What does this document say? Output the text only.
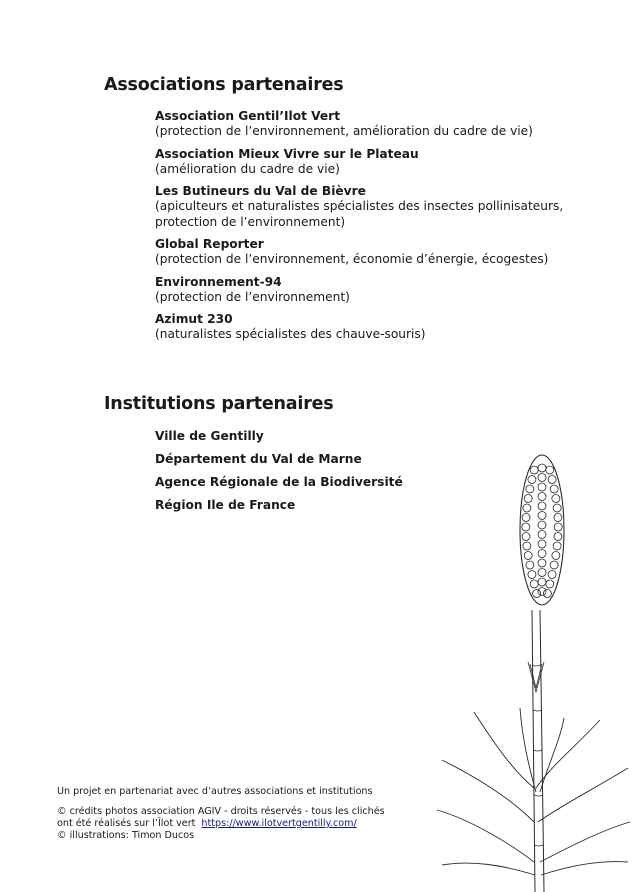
Associations partenaires
Association Gentil’Ilot Vert
(protection de l’environnement, amélioration du cadre de vie)
Association Mieux Vivre sur le Plateau
(amélioration du cadre de vie)
Les Butineurs du Val de Bièvre
(apiculteurs et naturalistes spécialistes des insectes pollinisateurs, protection de l’environnement)
Global Reporter
(protection de l’environnement, économie d’énergie, écogestes)
Environnement-94
(protection de l’environnement)
Azimut 230
(naturalistes spécialistes des chauve-souris)
Institutions partenaires
Ville de Gentilly
Département du Val de Marne
Agence Régionale de la Biodiversité
Région Ile de France

Un projet en partenariat avec d’autres associations et institutions

© crédits photos association AGIV - droits réservés - tous les clichés

ont été réalisés sur l’Îlot vert https://www.ilotvertgentilly.com/

© illustrations: Timon Ducos
